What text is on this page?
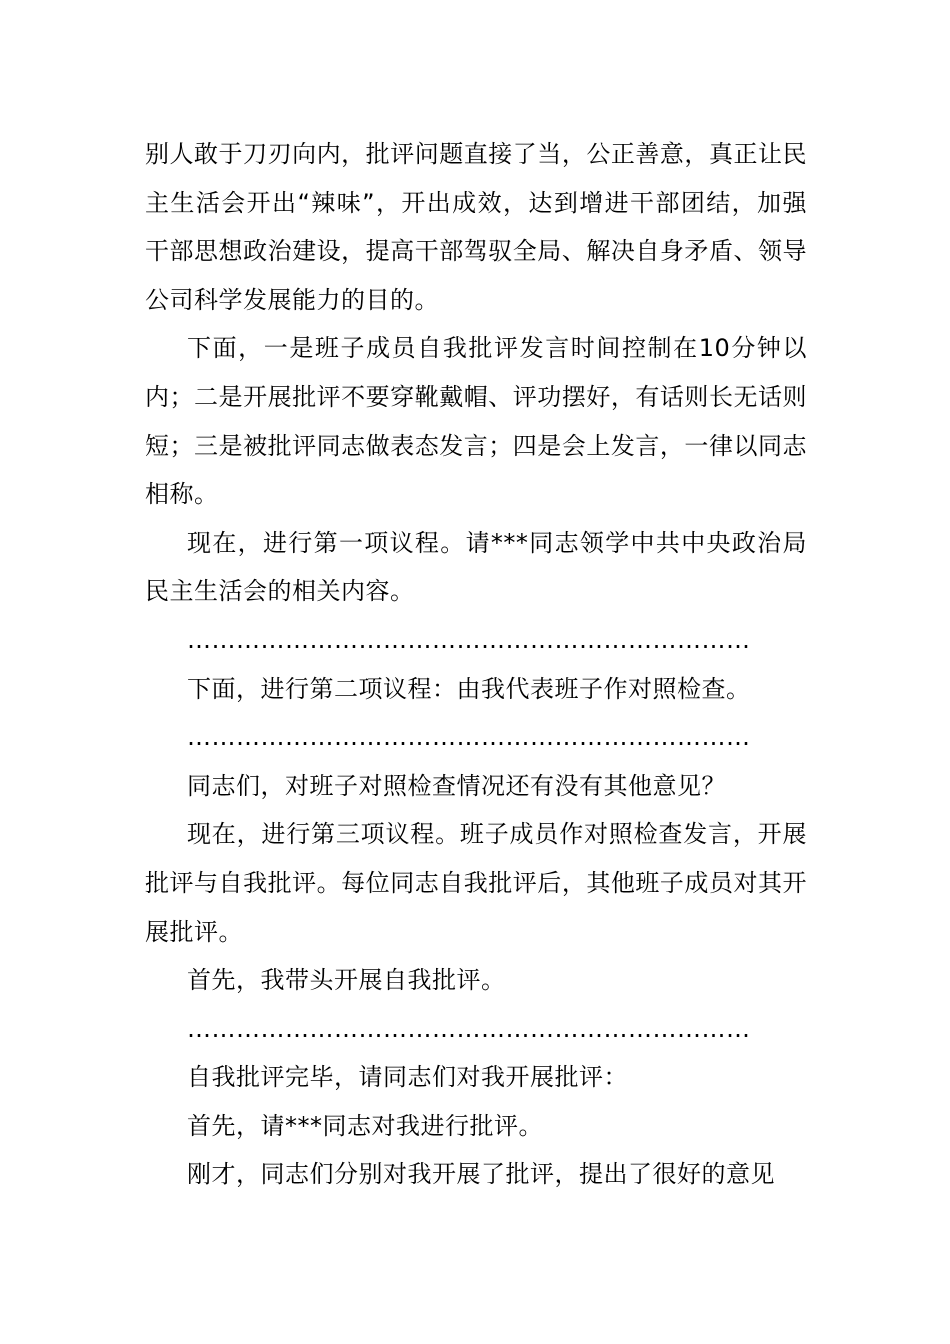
别人敢于刀刃向内，批评问题直接了当，公正善意，真正让民主生活会开出“辣味”，开出成效，达到增进干部团结，加强干部思想政治建设，提高干部驾驭全局、解决自身矛盾、领导公司科学发展能力的目的。

下面，一是班子成员自我批评发言时间控制在10分钟以内；二是开展批评不要穿靴戴帽、评功摆好，有话则长无话则短；三是被批评同志做表态发言；四是会上发言，一律以同志相称。

现在，进行第一项议程。请***同志领学中共中央政治局民主生活会的相关内容。

……………………………………………………………

下面，进行第二项议程：由我代表班子作对照检查。

……………………………………………………………

同志们，对班子对照检查情况还有没有其他意见？

现在，进行第三项议程。班子成员作对照检查发言，开展批评与自我批评。每位同志自我批评后，其他班子成员对其开展批评。

首先，我带头开展自我批评。

……………………………………………………………

自我批评完毕，请同志们对我开展批评：

首先，请***同志对我进行批评。

刚才，同志们分别对我开展了批评，提出了很好的意见
